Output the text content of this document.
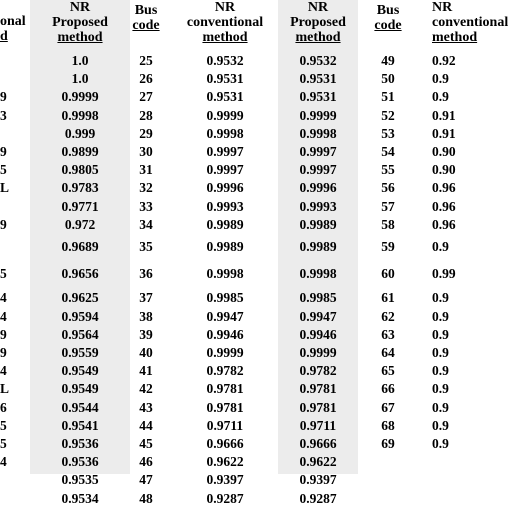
onal
d
9
3
9
5
L
9
5
4
4
9
9
4
L
6
5
5
4
NR
Proposed
method
1.0
1.0
0.9999
0.9998
0.999
0.9899
0.9805
0.9783
0.9771
0.972
0.9689
0.9656
0.9625
0.9594
0.9564
0.9559
0.9549
0.9549
0.9544
0.9541
0.9536
0.9536
0.9535
0.9534
Bus
code
25
26
27
28
29
30
31
32
33
34
35
36
37
38
39
40
41
42
43
44
45
46
47
48
NR
conventional
method
0.9532
0.9531
0.9531
0.9999
0.9998
0.9997
0.9997
0.9996
0.9993
0.9989
0.9989
0.9998
0.9985
0.9947
0.9946
0.9999
0.9782
0.9781
0.9781
0.9711
0.9666
0.9622
0.9397
0.9287
NR
Proposed
method
0.9532
0.9531
0.9531
0.9999
0.9998
0.9997
0.9997
0.9996
0.9993
0.9989
0.9989
0.9998
0.9985
0.9947
0.9946
0.9999
0.9782
0.9781
0.9781
0.9711
0.9666
0.9622
0.9397
0.9287
Bus
code
49
50
51
52
53
54
55
56
57
58
59
60
61
62
63
64
65
66
67
68
69
NR
conventional
method
0.92
0.9
0.9
0.91
0.91
0.90
0.90
0.96
0.96
0.96
0.9
0.99
0.9
0.9
0.9
0.9
0.9
0.9
0.9
0.9
0.9
